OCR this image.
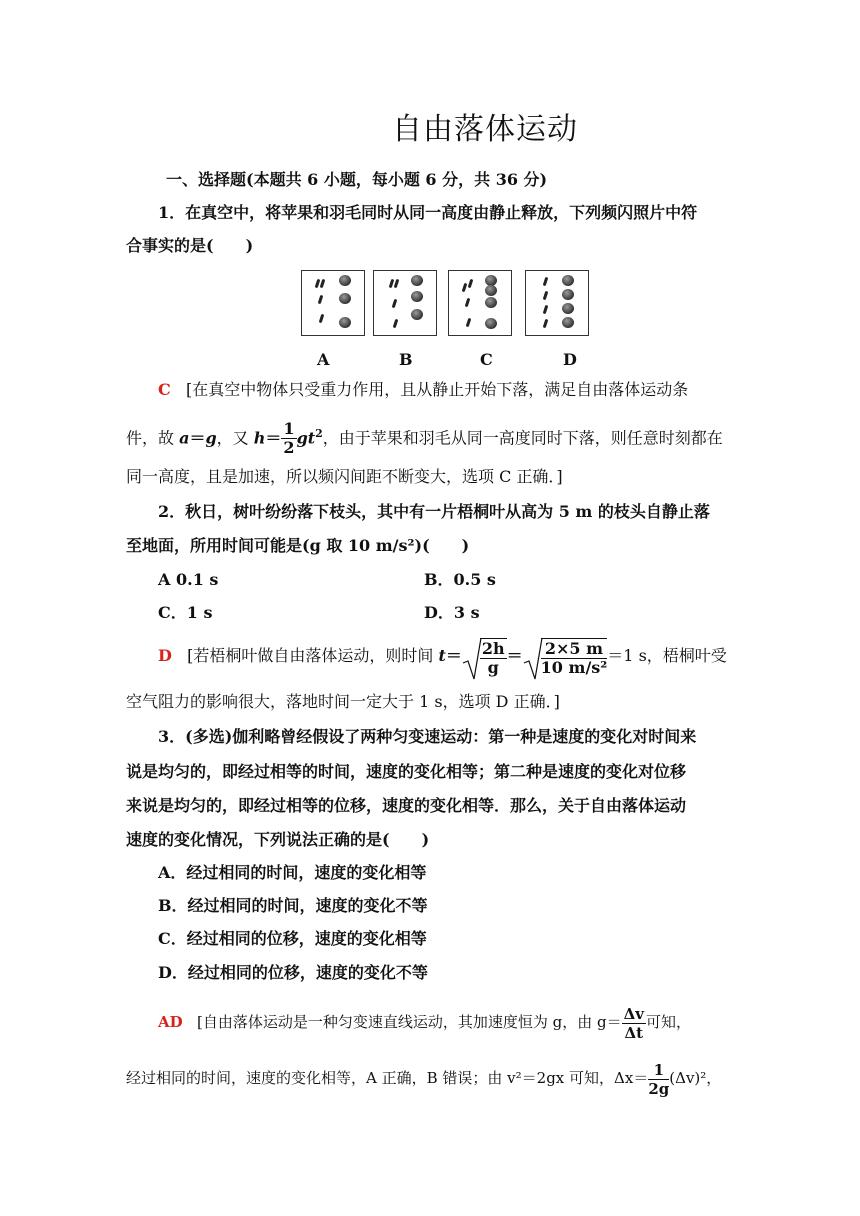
自由落体运动
一、选择题(本题共 6 小题，每小题 6 分，共 36 分)
1．在真空中，将苹果和羽毛同时从同一高度由静止释放，下列频闪照片中符
合事实的是(　　)
A	B	C	D
C [在真空中物体只受重力作用，且从静止开始下落，满足自由落体运动条
件，故 a＝g，又 $h= \frac{1}{2} gt^2$，由于苹果和羽毛从同一高度同时下落，则任意时刻都在
同一高度，且是加速，所以频闪间距不断变大，选项 C 正确．]
2．秋日，树叶纷纷落下枝头，其中有一片梧桐叶从高为 5 m 的枝头自静止落
至地面，所用时间可能是(g 取 10 m/s²)(　　)
A 0.1 s	B．0.5 s
C．1 s	D．3 s
D [若梧桐叶做自由落体运动，则时间 $t= \frac{2h}{g} = \frac{2\times 5 m}{\text{10 m/s²}} =1$ s，梧桐叶受
空气阻力的影响很大，落地时间一定大于 1 s，选项 D 正确．]
3．(多选)伽利略曾经假设了两种匀变速运动：第一种是速度的变化对时间来
说是均匀的，即经过相等的时间，速度的变化相等；第二种是速度的变化对位移
来说是均匀的，即经过相等的位移，速度的变化相等．那么，关于自由落体运动
速度的变化情况，下列说法正确的是(　　)
A．经过相同的时间，速度的变化相等
B．经过相同的时间，速度的变化不等
C．经过相同的位移，速度的变化相等
D．经过相同的位移，速度的变化不等
AD [自由落体运动是一种匀变速直线运动，其加速度恒为 g，由 $g= \frac{\Delta v}{\Delta t}$ 可知，
经过相同的时间，速度的变化相等，A 正确，B 错误；由 v²＝2gx 可知，$\Delta x= \frac{1}{2g} (\Delta v)^2$，
